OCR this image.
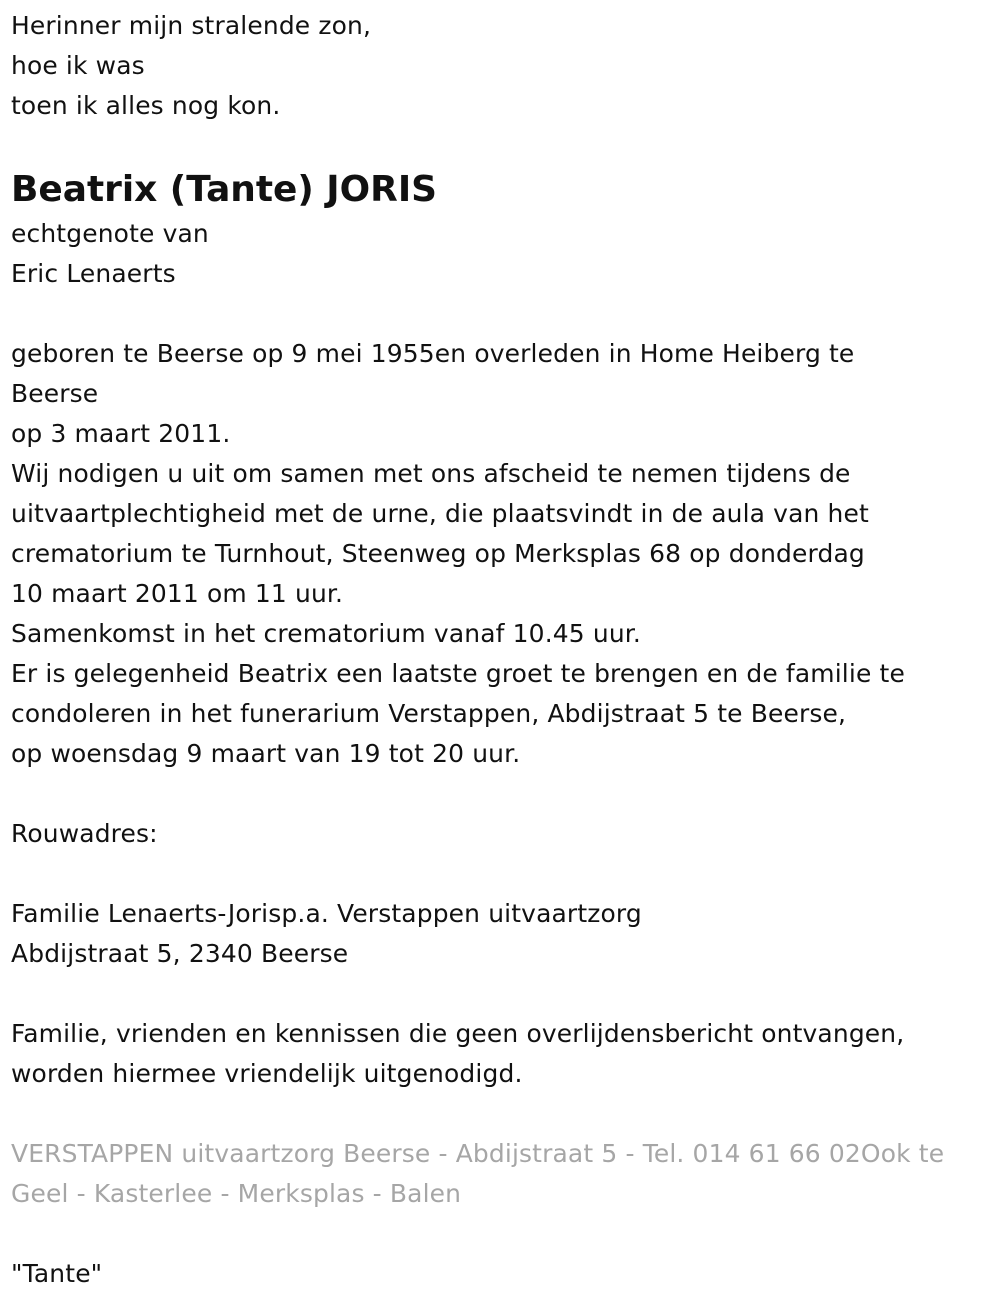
Herinner mijn stralende zon,
hoe ik was
toen ik alles nog kon.
Beatrix (Tante) JORIS
echtgenote van
Eric Lenaerts
geboren te Beerse op 9 mei 1955en overleden in Home Heiberg te
Beerse
op 3 maart 2011.
Wij nodigen u uit om samen met ons afscheid te nemen tijdens de
uitvaartplechtigheid met de urne, die plaatsvindt in de aula van het
crematorium te Turnhout, Steenweg op Merksplas 68 op donderdag
10 maart 2011 om 11 uur.
Samenkomst in het crematorium vanaf 10.45 uur.
Er is gelegenheid Beatrix een laatste groet te brengen en de familie te
condoleren in het funerarium Verstappen, Abdijstraat 5 te Beerse,
op woensdag 9 maart van 19 tot 20 uur.
Rouwadres:
Familie Lenaerts-Jorisp.a. Verstappen uitvaartzorg
Abdijstraat 5, 2340 Beerse
Familie, vrienden en kennissen die geen overlijdensbericht ontvangen,
worden hiermee vriendelijk uitgenodigd.
VERSTAPPEN uitvaartzorg Beerse - Abdijstraat 5 - Tel. 014 61 66 02Ook te
Geel - Kasterlee - Merksplas - Balen
"Tante"
